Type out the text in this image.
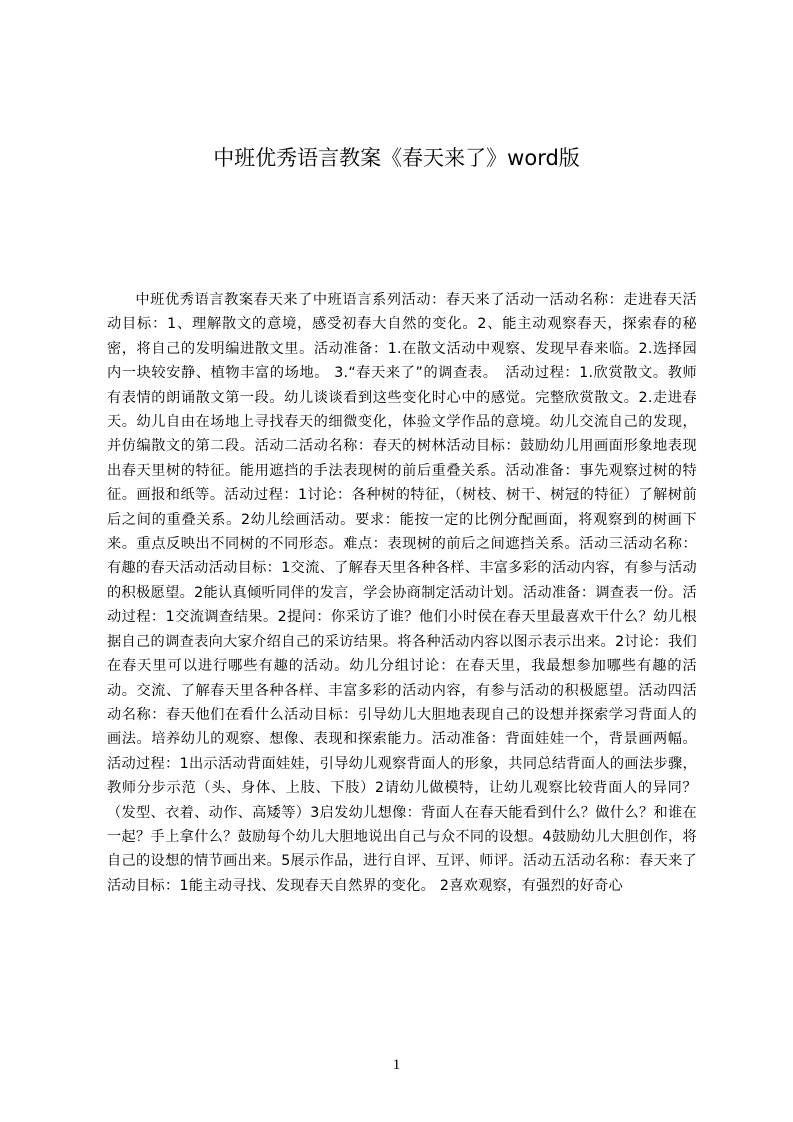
中班优秀语言教案《春天来了》word版

中班优秀语言教案春天来了中班语言系列活动：春天来了活动一活动名称：走进春天活动目标：1、理解散文的意境，感受初春大自然的变化。2、能主动观察春天，探索春的秘密，将自己的发明编进散文里。活动准备：1.在散文活动中观察、发现早春来临。2.选择园内一块较安静、植物丰富的场地。 3.“春天来了”的调查表。　活动过程：1.欣赏散文。教师有表情的朗诵散文第一段。幼儿谈谈看到这些变化时心中的感觉。完整欣赏散文。2.走进春天。幼儿自由在场地上寻找春天的细微变化，体验文学作品的意境。幼儿交流自己的发现，并仿编散文的第二段。活动二活动名称：春天的树林活动目标：鼓励幼儿用画面形象地表现出春天里树的特征。能用遮挡的手法表现树的前后重叠关系。活动准备：事先观察过树的特征。画报和纸等。活动过程：1讨论：各种树的特征，（树枝、树干、树冠的特征）了解树前后之间的重叠关系。2幼儿绘画活动。要求：能按一定的比例分配画面，将观察到的树画下来。重点反映出不同树的不同形态。难点：表现树的前后之间遮挡关系。活动三活动名称：有趣的春天活动活动目标：1交流、了解春天里各种各样、丰富多彩的活动内容，有参与活动的积极愿望。2能认真倾听同伴的发言，学会协商制定活动计划。活动准备：调查表一份。活动过程：1交流调查结果。2提问：你采访了谁？他们小时侯在春天里最喜欢干什么？幼儿根据自己的调查表向大家介绍自己的采访结果。将各种活动内容以图示表示出来。2讨论：我们在春天里可以进行哪些有趣的活动。幼儿分组讨论：在春天里，我最想参加哪些有趣的活动。交流、了解春天里各种各样、丰富多彩的活动内容，有参与活动的积极愿望。活动四活动名称：春天他们在看什么活动目标：引导幼儿大胆地表现自己的设想并探索学习背面人的画法。培养幼儿的观察、想像、表现和探索能力。活动准备：背面娃娃一个，背景画两幅。活动过程：1出示活动背面娃娃，引导幼儿观察背面人的形象，共同总结背面人的画法步骤，教师分步示范（头、身体、上肢、下肢）2请幼儿做模特，让幼儿观察比较背面人的异同？（发型、衣着、动作、高矮等）3启发幼儿想像：背面人在春天能看到什么？做什么？和谁在一起？手上拿什么？鼓励每个幼儿大胆地说出自己与众不同的设想。4鼓励幼儿大胆创作，将自己的设想的情节画出来。5展示作品，进行自评、互评、师评。活动五活动名称：春天来了活动目标：1能主动寻找、发现春天自然界的变化。 2喜欢观察，有强烈的好奇心

1
